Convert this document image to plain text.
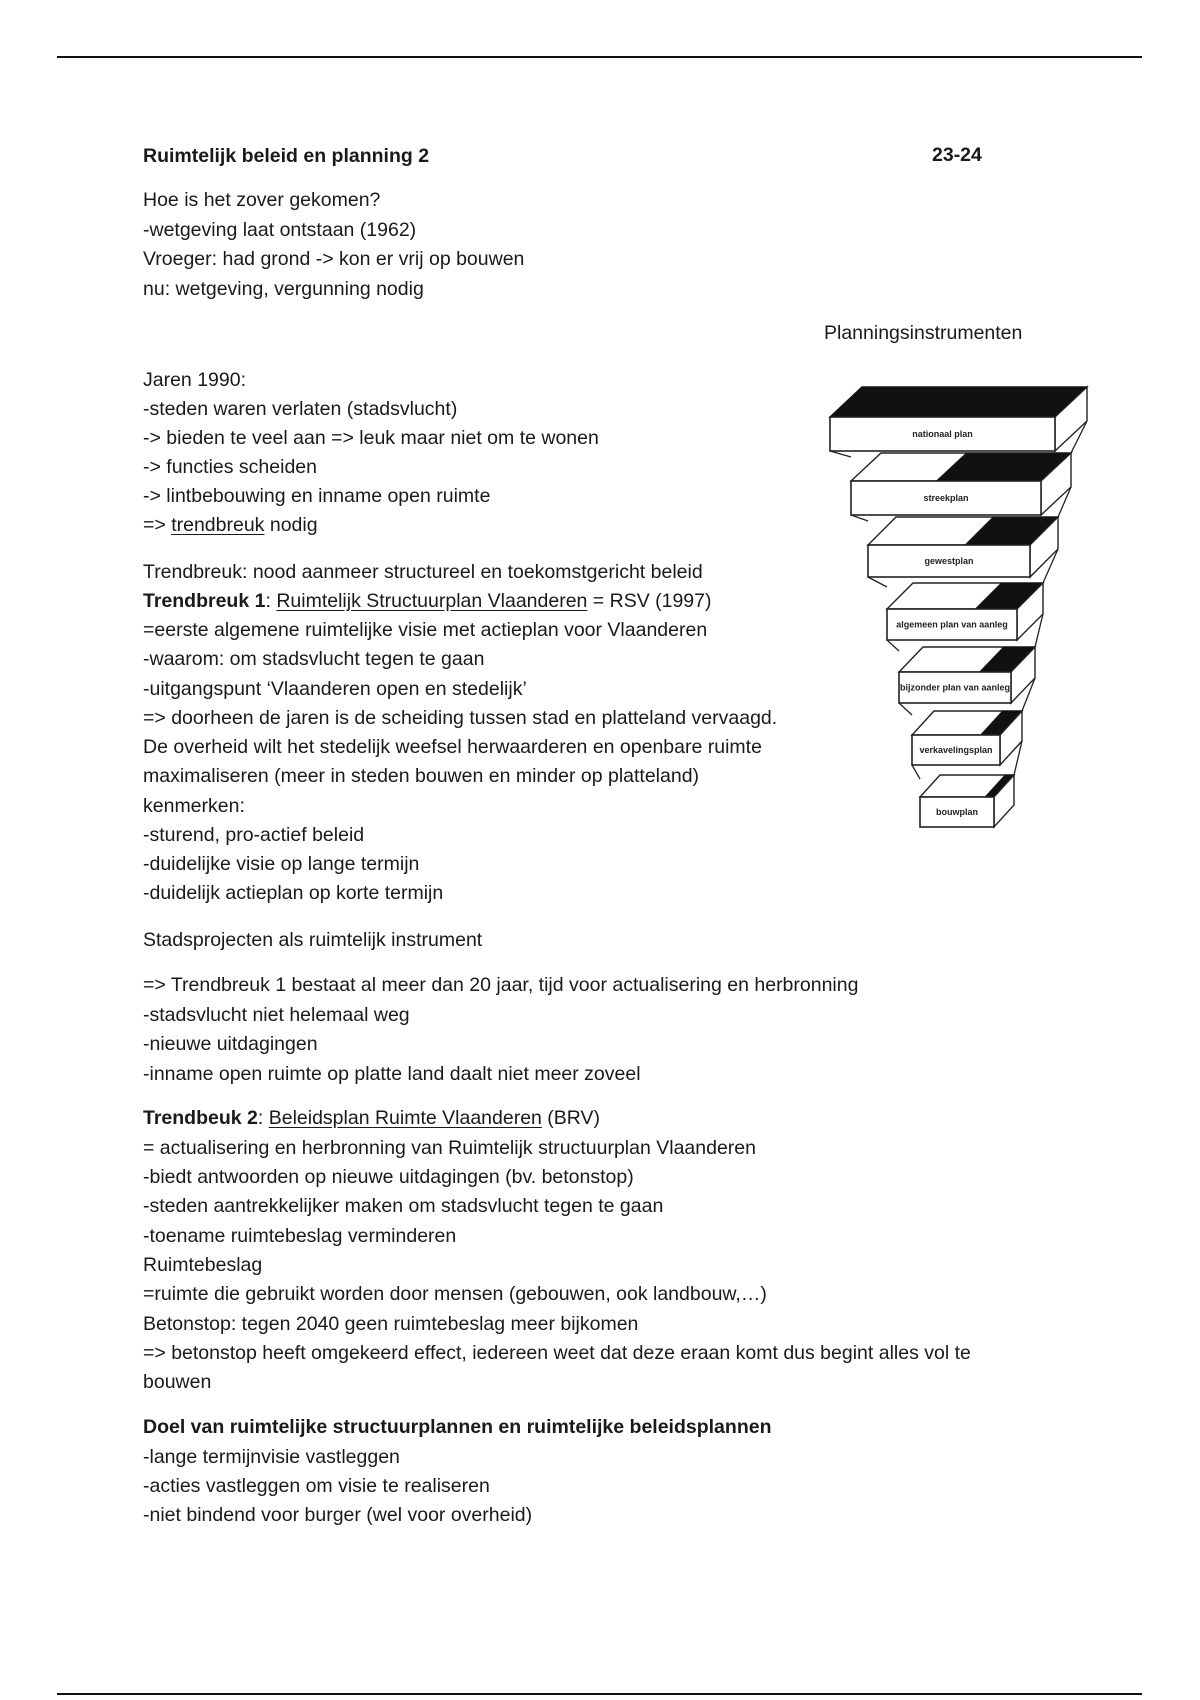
Ruimtelijk beleid en planning 2
Hoe is het zover gekomen?
-wetgeving laat ontstaan (1962)
Vroeger: had grond -> kon er vrij op bouwen
nu: wetgeving, vergunning nodig
Jaren 1990:
-steden waren verlaten (stadsvlucht)
-> bieden te veel aan => leuk maar niet om te wonen
-> functies scheiden
-> lintbebouwing en inname open ruimte
=> trendbreuk nodig
Trendbreuk: nood aanmeer structureel en toekomstgericht beleid
Trendbreuk 1: Ruimtelijk Structuurplan Vlaanderen = RSV (1997)
=eerste algemene ruimtelijke visie met actieplan voor Vlaanderen
-waarom: om stadsvlucht tegen te gaan
-uitgangspunt ‘Vlaanderen open en stedelijk’
=> doorheen de jaren is de scheiding tussen stad en platteland vervaagd.
De overheid wilt het stedelijk weefsel herwaarderen en openbare ruimte
maximaliseren (meer in steden bouwen en minder op platteland)
kenmerken:
-sturend, pro-actief beleid
-duidelijke visie op lange termijn
-duidelijk actieplan op korte termijn
Stadsprojecten als ruimtelijk instrument
=> Trendbreuk 1 bestaat al meer dan 20 jaar, tijd voor actualisering en herbronning
-stadsvlucht niet helemaal weg
-nieuwe uitdagingen
-inname open ruimte op platte land daalt niet meer zoveel
Trendbeuk 2: Beleidsplan Ruimte Vlaanderen (BRV)
= actualisering en herbronning van Ruimtelijk structuurplan Vlaanderen
-biedt antwoorden op nieuwe uitdagingen (bv. betonstop)
-steden aantrekkelijker maken om stadsvlucht tegen te gaan
-toename ruimtebeslag verminderen
Ruimtebeslag
=ruimte die gebruikt worden door mensen (gebouwen, ook landbouw,…)
Betonstop: tegen 2040 geen ruimtebeslag meer bijkomen
=> betonstop heeft omgekeerd effect, iedereen weet dat deze eraan komt dus begint alles vol te
bouwen
Doel van ruimtelijke structuurplannen en ruimtelijke beleidsplannen
-lange termijnvisie vastleggen
-acties vastleggen om visie te realiseren
-niet bindend voor burger (wel voor overheid)
23-24
Planningsinstrumenten
nationaal plan
streekplan
gewestplan
algemeen plan van aanleg
bijzonder plan van aanleg
verkavelingsplan
bouwplan
